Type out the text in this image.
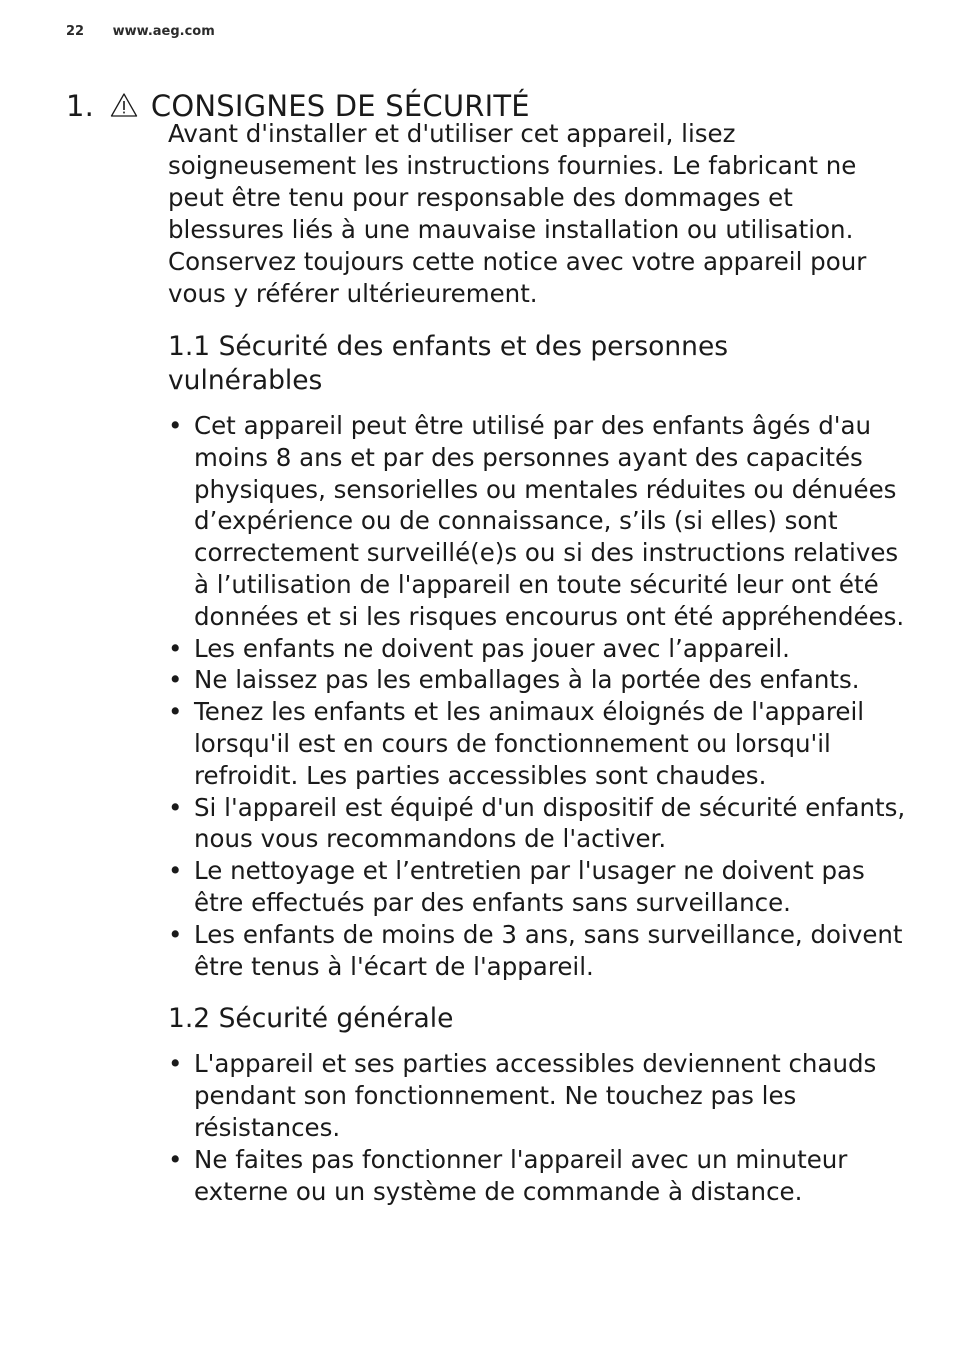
22 www.aeg.com
1. CONSIGNES DE SÉCURITÉ

Avant d'installer et d'utiliser cet appareil, lisez soigneusement les instructions fournies. Le fabricant ne peut être tenu pour responsable des dommages et blessures liés à une mauvaise installation ou utilisation. Conservez toujours cette notice avec votre appareil pour vous y référer ultérieurement.

1.1 Sécurité des enfants et des personnes vulnérables
• Cet appareil peut être utilisé par des enfants âgés d'au moins 8 ans et par des personnes ayant des capacités physiques, sensorielles ou mentales réduites ou dénuées d’expérience ou de connaissance, s’ils (si elles) sont correctement surveillé(e)s ou si des instructions relatives à l’utilisation de l'appareil en toute sécurité leur ont été données et si les risques encourus ont été appréhendées.
• Les enfants ne doivent pas jouer avec l’appareil.
• Ne laissez pas les emballages à la portée des enfants.
• Tenez les enfants et les animaux éloignés de l'appareil lorsqu'il est en cours de fonctionnement ou lorsqu'il refroidit. Les parties accessibles sont chaudes.
• Si l'appareil est équipé d'un dispositif de sécurité enfants, nous vous recommandons de l'activer.
• Le nettoyage et l’entretien par l'usager ne doivent pas être effectués par des enfants sans surveillance.
• Les enfants de moins de 3 ans, sans surveillance, doivent être tenus à l'écart de l'appareil.
1.2 Sécurité générale
• L'appareil et ses parties accessibles deviennent chauds pendant son fonctionnement. Ne touchez pas les résistances.
• Ne faites pas fonctionner l'appareil avec un minuteur externe ou un système de commande à distance.
